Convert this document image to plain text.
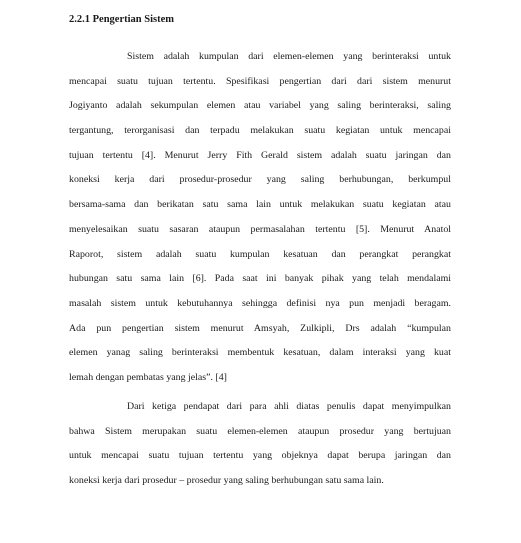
2.2.1 Pengertian Sistem
Sistem adalah kumpulan dari elemen-elemen yang berinteraksi untuk
mencapai suatu tujuan tertentu. Spesifikasi pengertian dari dari sistem menurut
Jogiyanto adalah sekumpulan elemen atau variabel yang saling berinteraksi, saling
tergantung, terorganisasi dan terpadu melakukan suatu kegiatan untuk mencapai
tujuan tertentu [4]. Menurut Jerry Fith Gerald sistem adalah suatu jaringan dan
koneksi kerja dari prosedur-prosedur yang saling berhubungan, berkumpul
bersama-sama dan berikatan satu sama lain untuk melakukan suatu kegiatan atau
menyelesaikan suatu sasaran ataupun permasalahan tertentu [5]. Menurut Anatol
Raporot, sistem adalah suatu kumpulan kesatuan dan perangkat perangkat
hubungan satu sama lain [6]. Pada saat ini banyak pihak yang telah mendalami
masalah sistem untuk kebutuhannya sehingga definisi nya pun menjadi beragam.
Ada pun pengertian sistem menurut Amsyah, Zulkipli, Drs adalah “kumpulan
elemen yanag saling berinteraksi membentuk kesatuan, dalam interaksi yang kuat
lemah dengan pembatas yang jelas”. [4]
Dari ketiga pendapat dari para ahli diatas penulis dapat menyimpulkan
bahwa Sistem merupakan suatu elemen-elemen ataupun prosedur yang bertujuan
untuk mencapai suatu tujuan tertentu yang objeknya dapat berupa jaringan dan
koneksi kerja dari prosedur – prosedur yang saling berhubungan satu sama lain.
